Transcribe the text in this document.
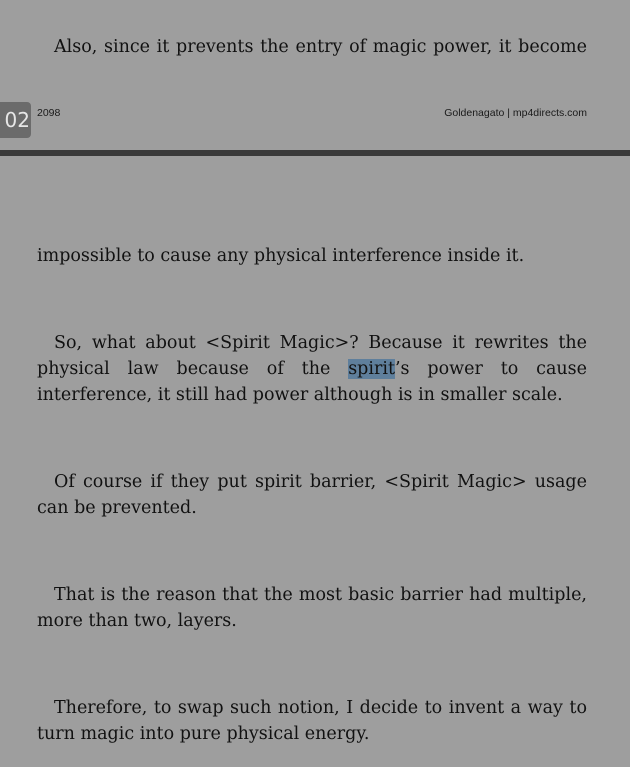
Also, since it prevents the entry of magic power, it become

02 2098	Goldenagato | mp4directs.com

impossible to cause any physical interference inside it.

So, what about <Spirit Magic>? Because it rewrites the physical law because of the spirit’s power to cause interference, it still had power although is in smaller scale.

Of course if they put spirit barrier, <Spirit Magic> usage can be prevented.

That is the reason that the most basic barrier had multiple, more than two, layers.

Therefore, to swap such notion, I decide to invent a way to turn magic into pure physical energy.
